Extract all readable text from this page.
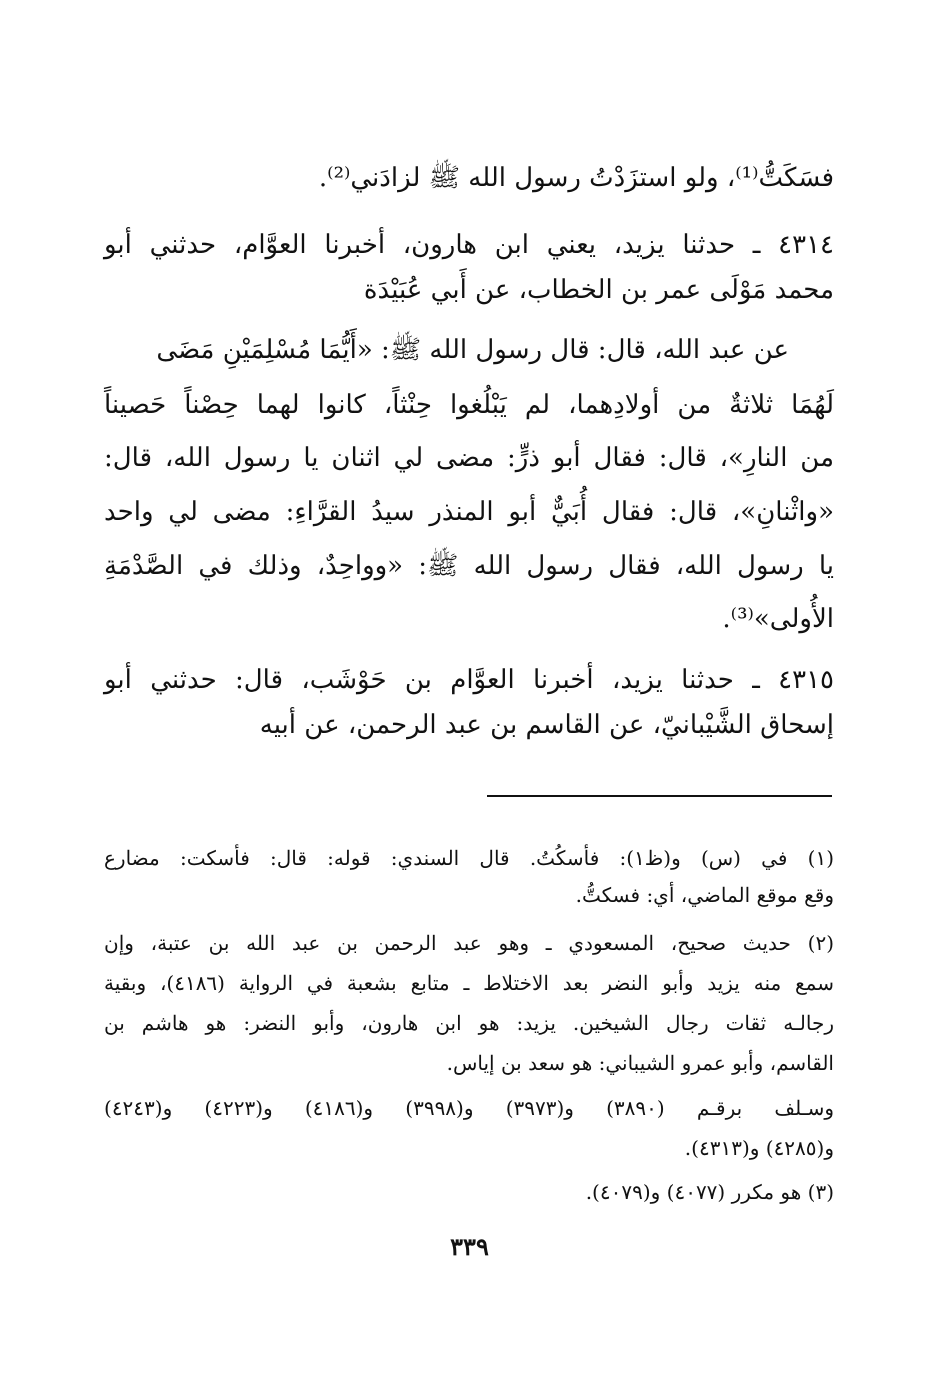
فسَكَتُّ⁽¹⁾، ولو استزَدْتُ رسول الله ﷺ لزادَني⁽²⁾.
٤٣١٤ ـ حدثنا يزيد، يعني ابن هارون، أخبرنا العوَّام، حدثني أبو
محمد مَوْلَى عمر بن الخطاب، عن أَبي عُبَيْدَة
عن عبد الله، قال: قال رسول الله ﷺ: «أَيُّمَا مُسْلِمَيْنِ مَضَى
لَهُمَا ثلاثةٌ من أولادِهما، لم يَبْلُغوا حِنْثاً، كانوا لهما حِصْناً حَصيناً
من النارِ»، قال: فقال أبو ذرٍّ: مضى لي اثنان يا رسول الله، قال:
«واثْنانِ»، قال: فقال أُبَيٌّ أبو المنذر سيدُ القرَّاءِ: مضى لي واحد
يا رسول الله، فقال رسول الله ﷺ: «وواحِدٌ، وذلك في الصَّدْمَةِ
الأُولى»⁽³⁾.
٤٣١٥ ـ حدثنا يزيد، أخبرنا العوَّام بن حَوْشَب، قال: حدثني أبو
إسحاق الشَّيْبانيّ، عن القاسم بن عبد الرحمن، عن أبيه
(١) في (س) و(ظ١): فأسكُتُ. قال السندي: قوله: قال: فأسكت: مضارع
وقع موقع الماضي، أي: فسكتُّ.
(٢) حديث صحيح، المسعودي ـ وهو عبد الرحمن بن عبد الله بن عتبة، وإن
سمع منه يزيد وأبو النضر بعد الاختلاط ـ متابع بشعبة في الرواية (٤١٨٦)، وبقية
رجالـه ثقات رجال الشيخين. يزيد: هو ابن هارون، وأبو النضر: هو هاشم بن
القاسم، وأبو عمرو الشيباني: هو سعد بن إياس.
وسـلف برقـم (٣٨٩٠) و(٣٩٧٣) و(٣٩٩٨) و(٤١٨٦) و(٤٢٢٣) و(٤٢٤٣)
و(٤٢٨٥) و(٤٣١٣).
(٣) هو مكرر (٤٠٧٧) و(٤٠٧٩).
٣٣٩
